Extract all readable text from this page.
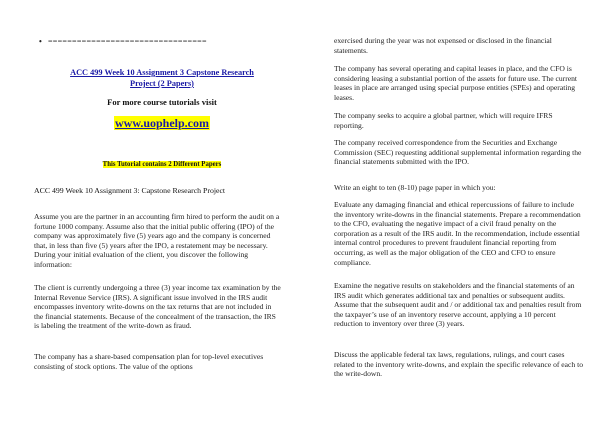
• =================================
ACC 499 Week 10 Assignment 3 Capstone Research
Project (2 Papers)
For more course tutorials visit
www.uophelp.com
This Tutorial contains 2 Different Papers
ACC 499 Week 10 Assignment 3: Capstone Research Project

Assume you are the partner in an accounting firm hired to perform the audit on a fortune 1000 company. Assume also that the initial public offering (IPO) of the company was approximately five (5) years ago and the company is concerned that, in less than five (5) years after the IPO, a restatement may be necessary. During your initial evaluation of the client, you discover the following information:

The client is currently undergoing a three (3) year income tax examination by the Internal Revenue Service (IRS). A significant issue involved in the IRS audit encompasses inventory write-downs on the tax returns that are not included in the financial statements. Because of the concealment of the transaction, the IRS is labeling the treatment of the write-down as fraud.

The company has a share-based compensation plan for top-level executives consisting of stock options. The value of the options

exercised during the year was not expensed or disclosed in the financial statements.

The company has several operating and capital leases in place, and the CFO is considering leasing a substantial portion of the assets for future use. The current leases in place are arranged using special purpose entities (SPEs) and operating leases.

The company seeks to acquire a global partner, which will require IFRS reporting.

The company received correspondence from the Securities and Exchange Commission (SEC) requesting additional supplemental information regarding the financial statements submitted with the IPO.

Write an eight to ten (8-10) page paper in which you:

Evaluate any damaging financial and ethical repercussions of failure to include the inventory write-downs in the financial statements. Prepare a recommendation to the CFO, evaluating the negative impact of a civil fraud penalty on the corporation as a result of the IRS audit. In the recommendation, include essential internal control procedures to prevent fraudulent financial reporting from occurring, as well as the major obligation of the CEO and CFO to ensure compliance.

Examine the negative results on stakeholders and the financial statements of an IRS audit which generates additional tax and penalties or subsequent audits. Assume that the subsequent audit and / or additional tax and penalties result from the taxpayer’s use of an inventory reserve account, applying a 10 percent reduction to inventory over three (3) years.

Discuss the applicable federal tax laws, regulations, rulings, and court cases related to the inventory write-downs, and explain the specific relevance of each to the write-down.
